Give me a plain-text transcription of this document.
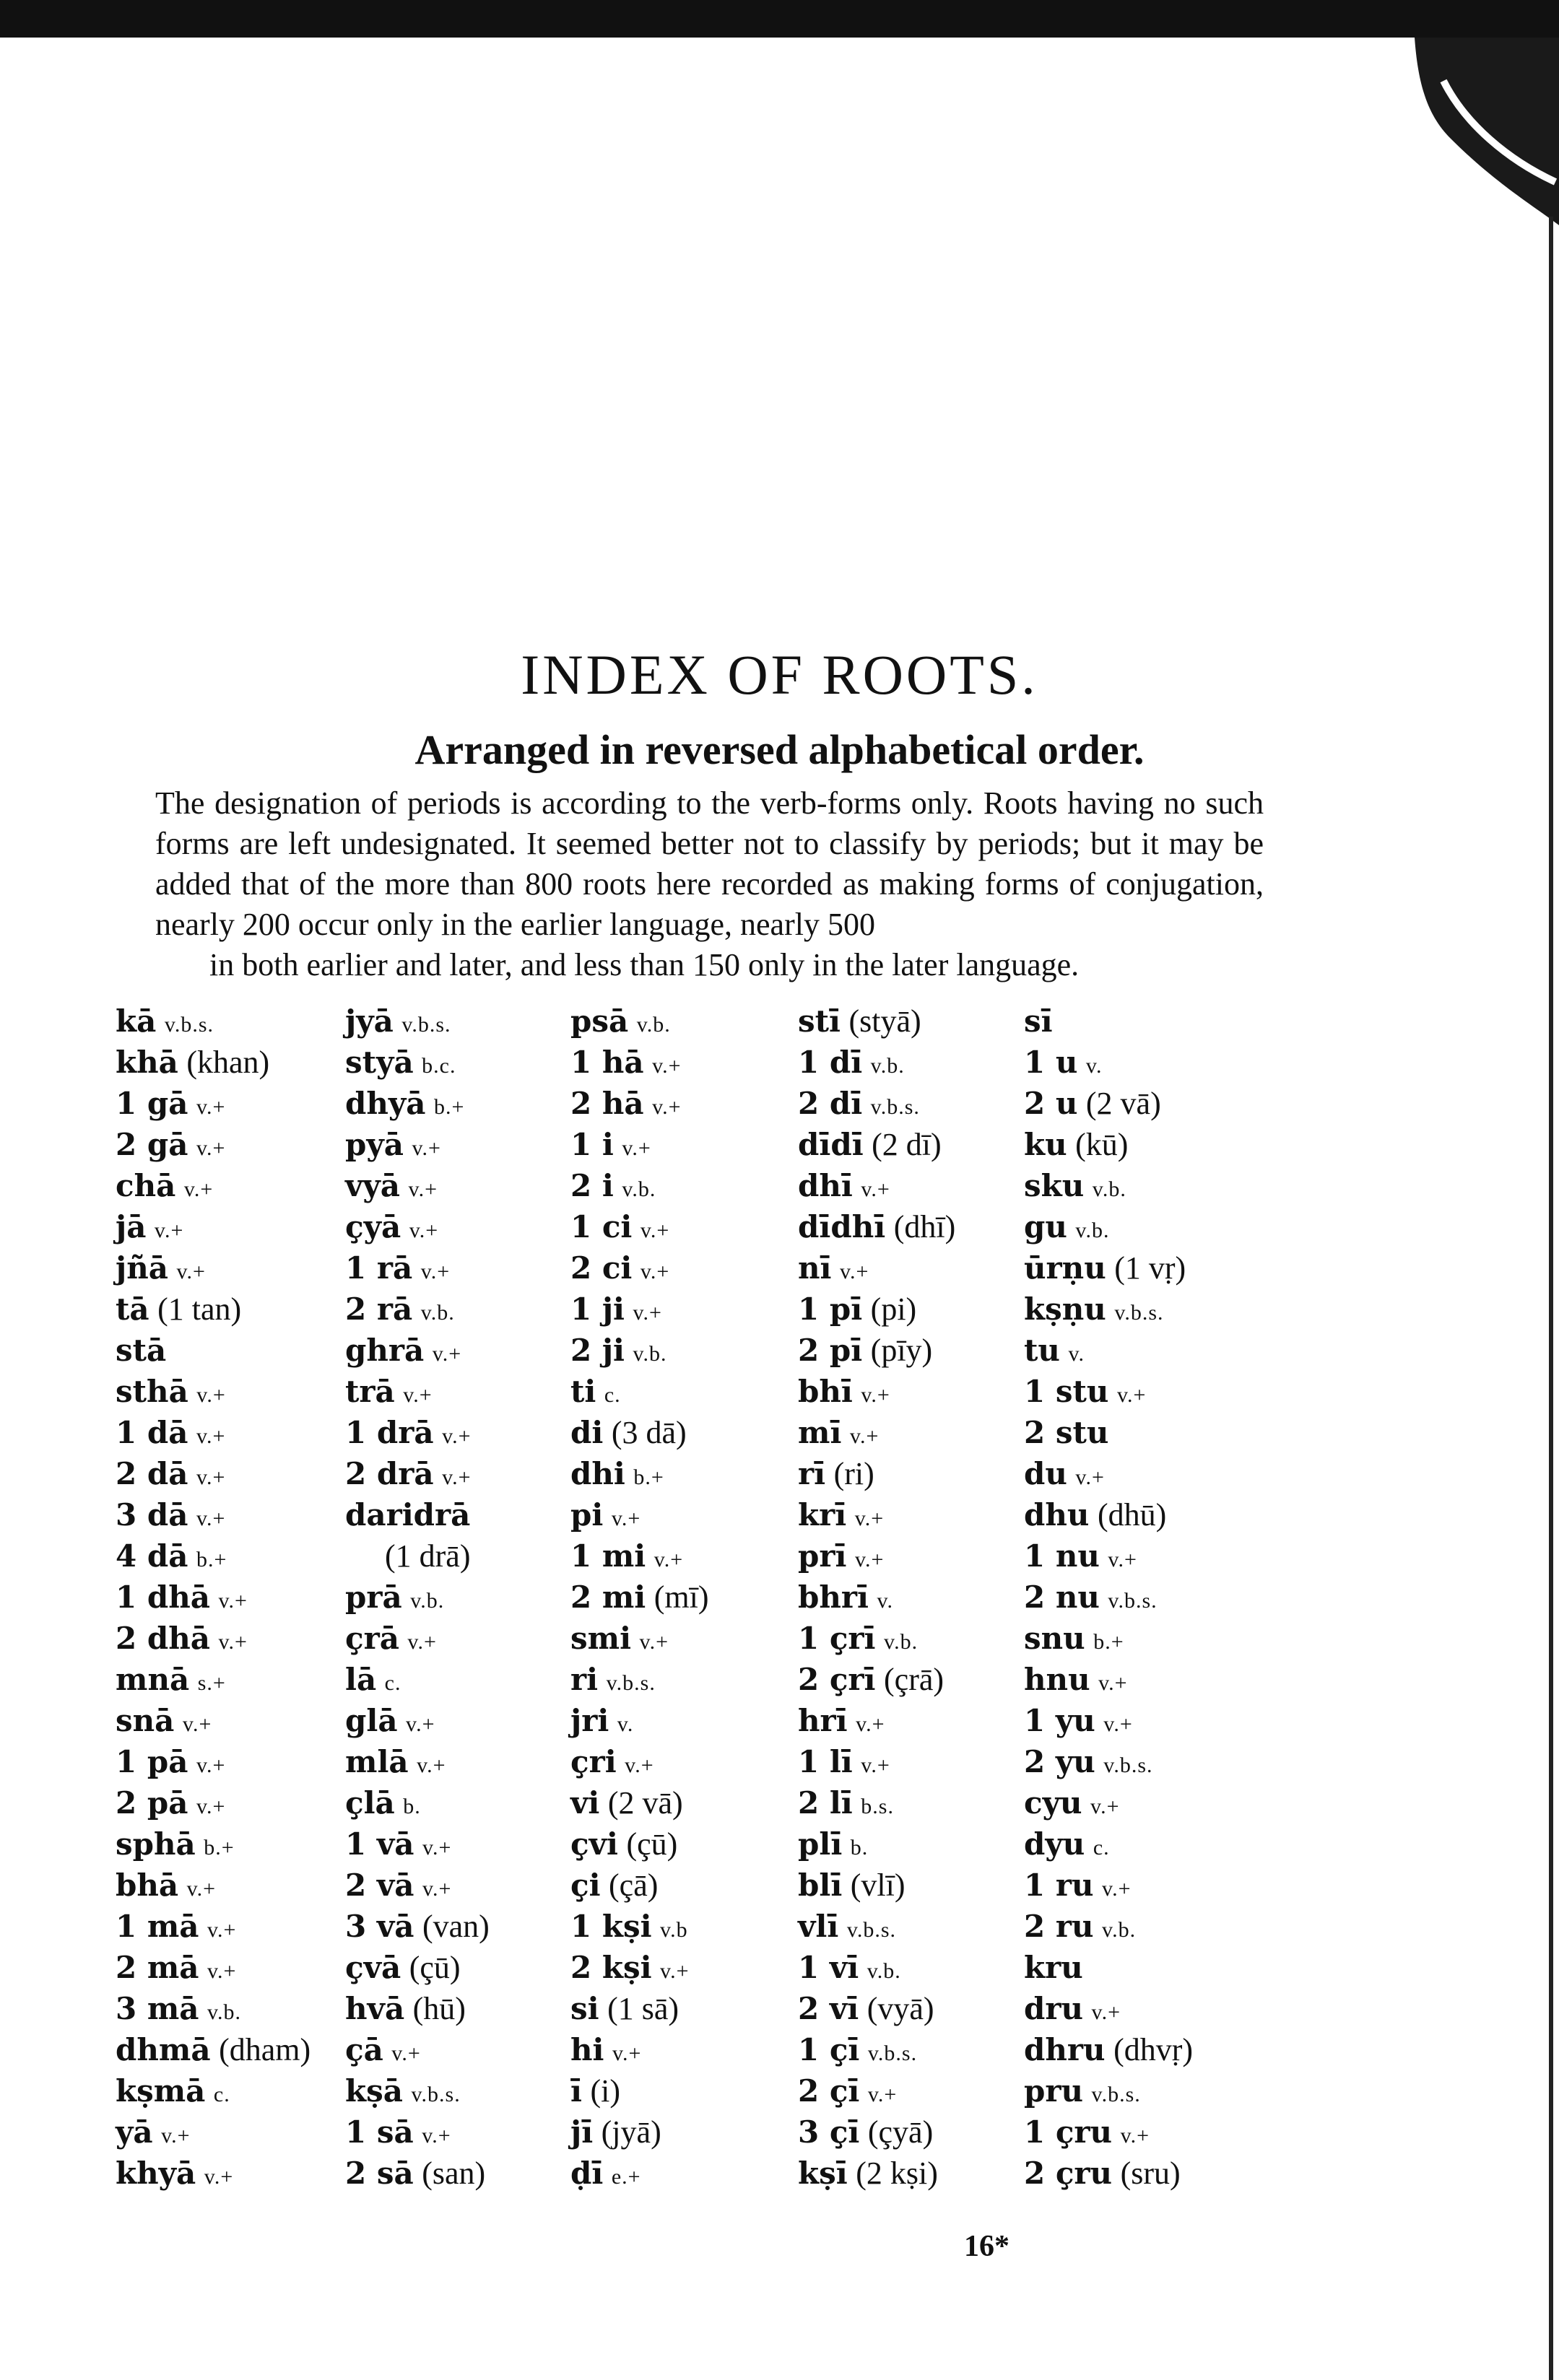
INDEX OF ROOTS.
Arranged in reversed alphabetical order.

The designation of periods is according to the verb-forms only. Roots having no such forms are left undesignated. It seemed better not to classify by periods; but it may be added that of the more than 800 roots here recorded as making forms of conjugation, nearly 200 occur only in the earlier language, nearly 500
in both earlier and later, and less than 150 only in the later language.

kā v.b.s.
khā (khan)
1 gā v.+
2 gā v.+
chā v.+
jā v.+
jñā v.+
tā (1 tan)
stā
sthā v.+
1 dā v.+
2 dā v.+
3 dā v.+
4 dā b.+
1 dhā v.+
2 dhā v.+
mnā s.+
snā v.+
1 pā v.+
2 pā v.+
sphā b.+
bhā v.+
1 mā v.+
2 mā v.+
3 mā v.b.
dhmā (dham)
kṣmā c.
yā v.+
khyā v.+
jyā v.b.s.
styā b.c.
dhyā b.+
pyā v.+
vyā v.+
çyā v.+
1 rā v.+
2 rā v.b.
ghrā v.+
trā v.+
1 drā v.+
2 drā v.+
daridrā
(1 drā)
prā v.b.
çrā v.+
lā c.
glā v.+
mlā v.+
çlā b.
1 vā v.+
2 vā v.+
3 vā (van)
çvā (çū)
hvā (hū)
çā v.+
kṣā v.b.s.
1 sā v.+
2 sā (san)
psā v.b.
1 hā v.+
2 hā v.+
1 i v.+
2 i v.b.
1 ci v.+
2 ci v.+
1 ji v.+
2 ji v.b.
ti c.
di (3 dā)
dhi b.+
pi v.+
1 mi v.+
2 mi (mī)
smi v.+
ri v.b.s.
jri v.
çri v.+
vi (2 vā)
çvi (çū)
çi (çā)
1 kṣi v.b
2 kṣi v.+
si (1 sā)
hi v.+
ī (i)
jī (jyā)
ḍī e.+
stī (styā)
1 dī v.b.
2 dī v.b.s.
dīdī (2 dī)
dhī v.+
dīdhī (dhī)
nī v.+
1 pī (pi)
2 pī (pīy)
bhī v.+
mī v.+
rī (ri)
krī v.+
prī v.+
bhrī v.
1 çrī v.b.
2 çrī (çrā)
hrī v.+
1 lī v.+
2 lī b.s.
plī b.
blī (vlī)
vlī v.b.s.
1 vī v.b.
2 vī (vyā)
1 çī v.b.s.
2 çī v.+
3 çī (çyā)
kṣī (2 kṣi)
sī
1 u v.
2 u (2 vā)
ku (kū)
sku v.b.
gu v.b.
ūrṇu (1 vṛ)
kṣṇu v.b.s.
tu v.
1 stu v.+
2 stu
du v.+
dhu (dhū)
1 nu v.+
2 nu v.b.s.
snu b.+
hnu v.+
1 yu v.+
2 yu v.b.s.
cyu v.+
dyu c.
1 ru v.+
2 ru v.b.
kru
dru v.+
dhru (dhvṛ)
pru v.b.s.
1 çru v.+
2 çru (sru)
16*
